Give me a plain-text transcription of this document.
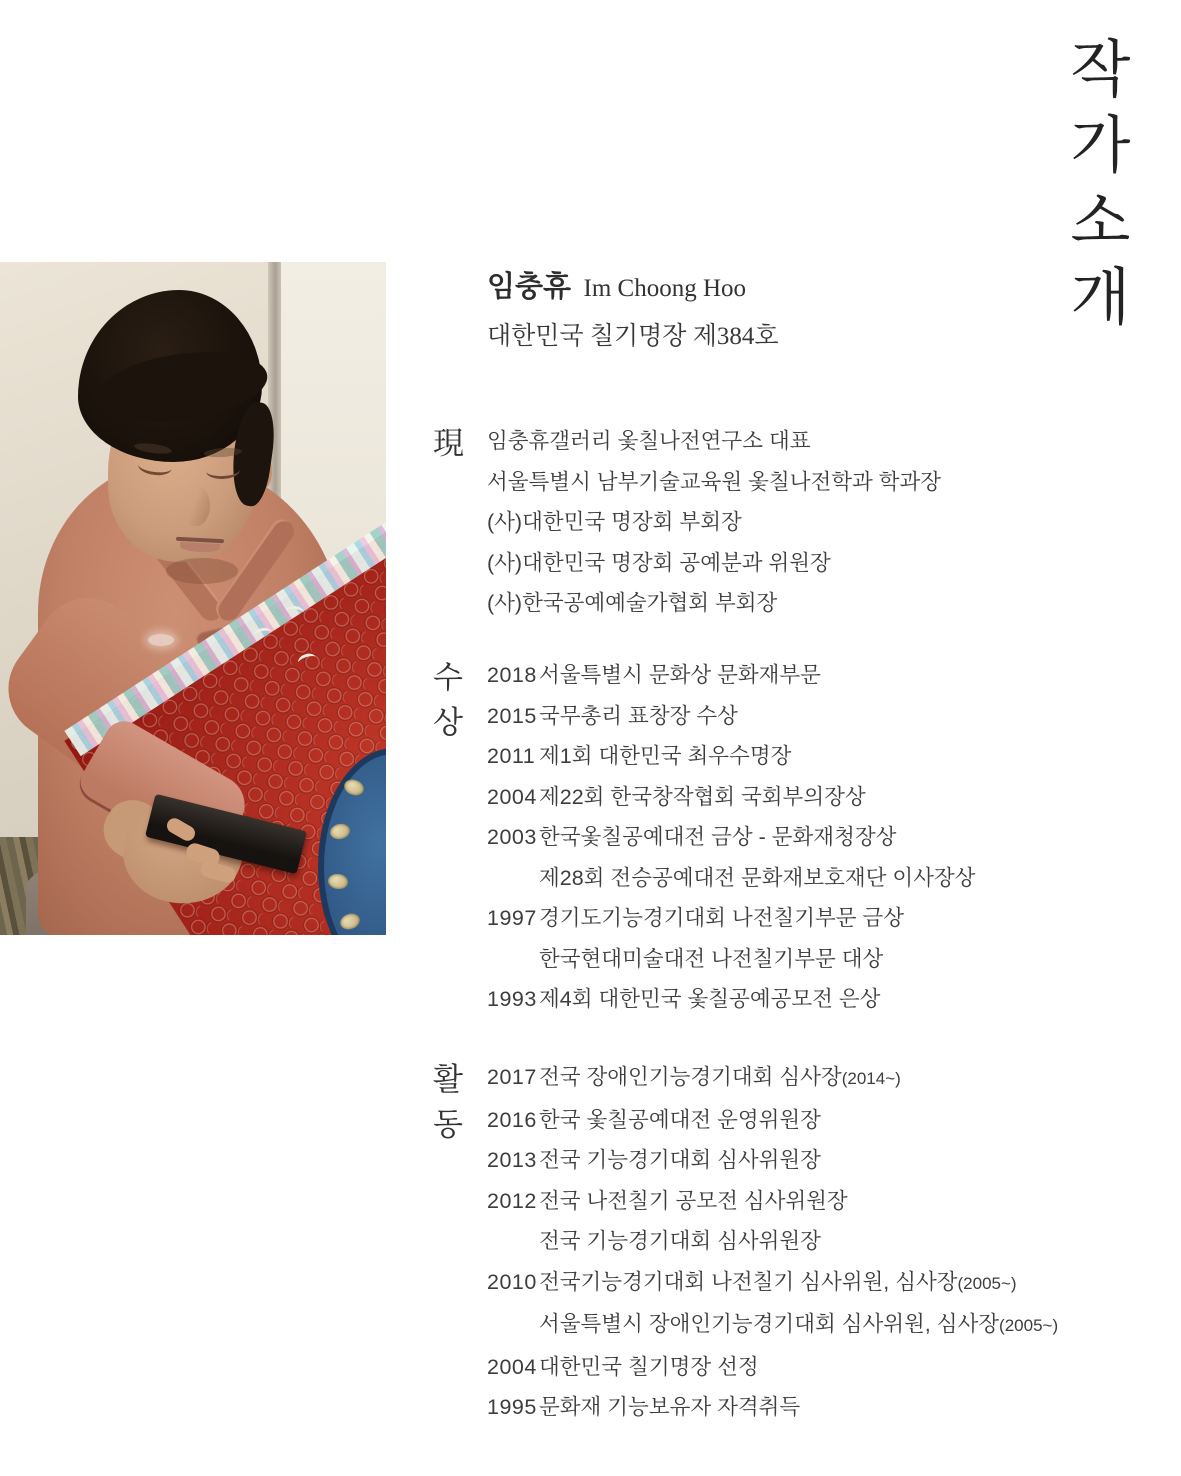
작가소개
임충휴 Im Choong Hoo
대한민국 칠기명장 제384호
現 임충휴갤러리 옻칠나전연구소 대표
서울특별시 남부기술교육원 옻칠나전학과 학과장
(사)대한민국 명장회 부회장
(사)대한민국 명장회 공예분과 위원장
(사)한국공예예술가협회 부회장
수상
2018 서울특별시 문화상 문화재부문
2015 국무총리 표창장 수상
2011 제1회 대한민국 최우수명장
2004 제22회 한국창작협회 국회부의장상
2003 한국옻칠공예대전 금상 - 문화재청장상
제28회 전승공예대전 문화재보호재단 이사장상
1997 경기도기능경기대회 나전칠기부문 금상
한국현대미술대전 나전칠기부문 대상
1993 제4회 대한민국 옻칠공예공모전 은상
활동
2017 전국 장애인기능경기대회 심사장 (2014~)
2016 한국 옻칠공예대전 운영위원장
2013 전국 기능경기대회 심사위원장
2012 전국 나전칠기 공모전 심사위원장
전국 기능경기대회 심사위원장
2010 전국기능경기대회 나전칠기 심사위원, 심사장 (2005~)
서울특별시 장애인기능경기대회 심사위원, 심사장 (2005~)
2004 대한민국 칠기명장 선정
1995 문화재 기능보유자 자격취득
